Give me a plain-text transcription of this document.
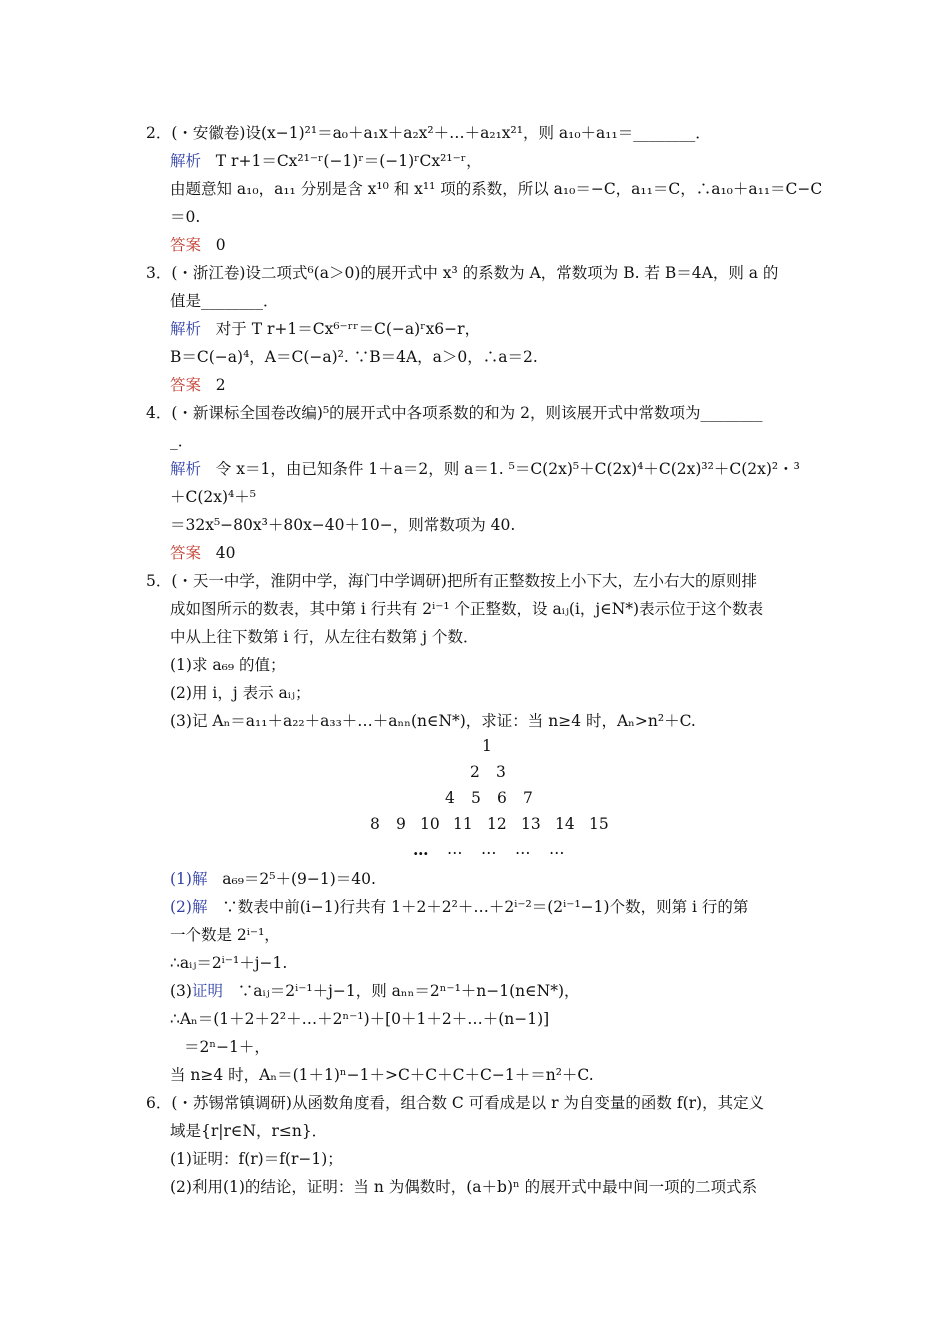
2．(・安徽卷)设(x−1)²¹＝a₀＋a₁x＋a₂x²＋…＋a₂₁x²¹，则 a₁₀＋a₁₁＝________．
解析 T r+1＝Cx²¹⁻ʳ(−1)ʳ＝(−1)ʳCx²¹⁻ʳ，
由题意知 a₁₀，a₁₁ 分别是含 x¹⁰ 和 x¹¹ 项的系数，所以 a₁₀＝−C，a₁₁＝C，∴a₁₀＋a₁₁＝C−C
＝0.
答案 0
3．(・浙江卷)设二项式⁶(a＞0)的展开式中 x³ 的系数为 A，常数项为 B. 若 B＝4A，则 a 的
值是________．
解析 对于 T r+1＝Cx⁶⁻ʳʳ＝C(−a)ʳx6−r，
B＝C(−a)⁴，A＝C(−a)². ∵B＝4A，a＞0，∴a＝2.
答案 2
4．(・新课标全国卷改编)⁵的展开式中各项系数的和为 2，则该展开式中常数项为________
_．
解析 令 x＝1，由已知条件 1＋a＝2，则 a＝1. ⁵＝C(2x)⁵＋C(2x)⁴＋C(2x)³²＋C(2x)²・³
＋C(2x)⁴＋⁵
＝32x⁵−80x³＋80x−40＋10−，则常数项为 40.
答案 40
5．(・天一中学，淮阴中学，海门中学调研)把所有正整数按上小下大，左小右大的原则排
成如图所示的数表，其中第 i 行共有 2ⁱ⁻¹ 个正整数，设 aᵢⱼ(i，j∈N*)表示位于这个数表
中从上往下数第 i 行，从左往右数第 j 个数．
(1)求 a₆₉ 的值；
(2)用 i，j 表示 aᵢⱼ；
(3)记 Aₙ＝a₁₁＋a₂₂＋a₃₃＋…＋aₙₙ(n∈N*)，求证：当 n≥4 时，Aₙ>n²＋C.
1
2 3
4 5 6 7
8 9 10 11 12 13 14 15
… … … … …
(1)解 a₆₉＝2⁵＋(9−1)＝40.
(2)解 ∵数表中前(i−1)行共有 1＋2＋2²＋…＋2ⁱ⁻²＝(2ⁱ⁻¹−1)个数，则第 i 行的第
一个数是 2ⁱ⁻¹，
∴aᵢⱼ＝2ⁱ⁻¹＋j−1.
(3)证明 ∵aᵢⱼ＝2ⁱ⁻¹＋j−1，则 aₙₙ＝2ⁿ⁻¹＋n−1(n∈N*)，
∴Aₙ＝(1＋2＋2²＋…＋2ⁿ⁻¹)＋[0＋1＋2＋…＋(n−1)]
＝2ⁿ−1＋，
当 n≥4 时，Aₙ＝(1＋1)ⁿ−1＋>C＋C＋C＋C−1＋＝n²＋C.
6．(・苏锡常镇调研)从函数角度看，组合数 C 可看成是以 r 为自变量的函数 f(r)，其定义
域是{r|r∈N，r≤n}．
(1)证明：f(r)＝f(r−1)；
(2)利用(1)的结论，证明：当 n 为偶数时，(a＋b)ⁿ 的展开式中最中间一项的二项式系
